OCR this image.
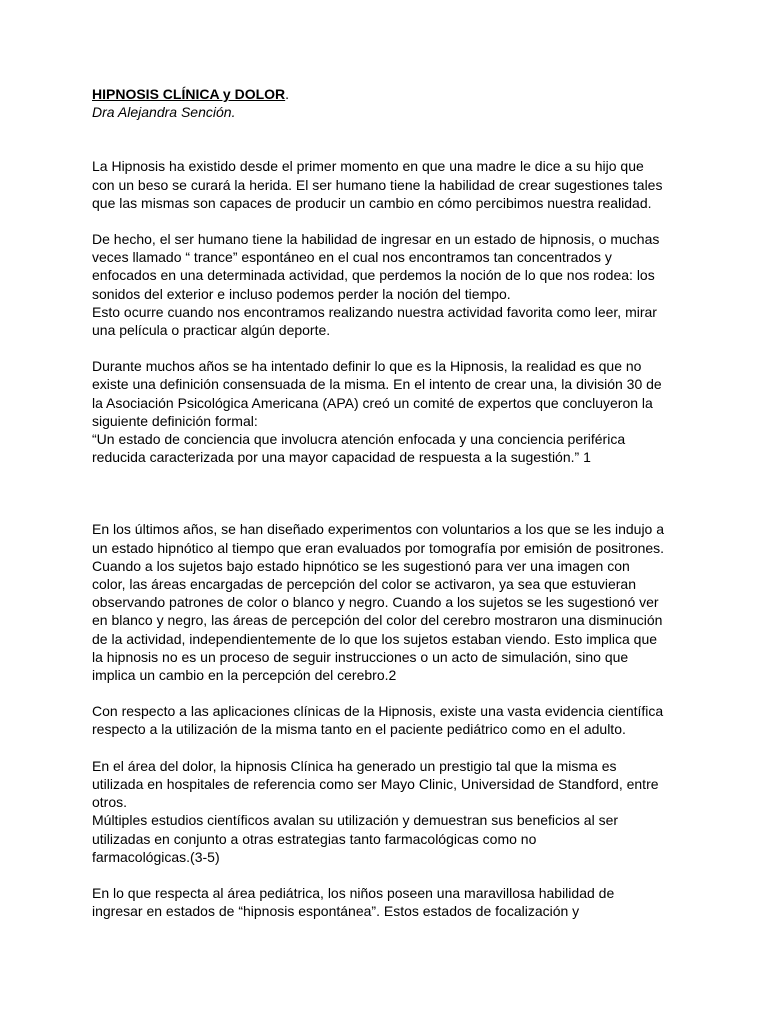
HIPNOSIS CLÍNICA y DOLOR.

Dra Alejandra Sención.

La Hipnosis ha existido desde el primer momento en que una madre le dice a su hijo que
con un beso se curará la herida. El ser humano tiene la habilidad de crear sugestiones tales
que las mismas son capaces de producir un cambio en cómo percibimos nuestra realidad.

De hecho, el ser humano tiene la habilidad de ingresar en un estado de hipnosis, o muchas
veces llamado “ trance” espontáneo en el cual nos encontramos tan concentrados y
enfocados en una determinada actividad, que perdemos la noción de lo que nos rodea: los
sonidos del exterior e incluso podemos perder la noción del tiempo.
Esto ocurre cuando nos encontramos realizando nuestra actividad favorita como leer, mirar
una película o practicar algún deporte.

Durante muchos años se ha intentado definir lo que es la Hipnosis, la realidad es que no
existe una definición consensuada de la misma. En el intento de crear una, la división 30 de
la Asociación Psicológica Americana (APA) creó un comité de expertos que concluyeron la
siguiente definición formal:
“Un estado de conciencia que involucra atención enfocada y una conciencia periférica
reducida caracterizada por una mayor capacidad de respuesta a la sugestión.” 1

En los últimos años, se han diseñado experimentos con voluntarios a los que se les indujo a
un estado hipnótico al tiempo que eran evaluados por tomografía por emisión de positrones.
Cuando a los sujetos bajo estado hipnótico se les sugestionó para ver una imagen con
color, las áreas encargadas de percepción del color se activaron, ya sea que estuvieran
observando patrones de color o blanco y negro. Cuando a los sujetos se les sugestionó ver
en blanco y negro, las áreas de percepción del color del cerebro mostraron una disminución
de la actividad, independientemente de lo que los sujetos estaban viendo. Esto implica que
la hipnosis no es un proceso de seguir instrucciones o un acto de simulación, sino que
implica un cambio en la percepción del cerebro.2

Con respecto a las aplicaciones clínicas de la Hipnosis, existe una vasta evidencia científica
respecto a la utilización de la misma tanto en el paciente pediátrico como en el adulto.

En el área del dolor, la hipnosis Clínica ha generado un prestigio tal que la misma es
utilizada en hospitales de referencia como ser Mayo Clinic, Universidad de Standford, entre
otros.
Múltiples estudios científicos avalan su utilización y demuestran sus beneficios al ser
utilizadas en conjunto a otras estrategias tanto farmacológicas como no
farmacológicas.(3-5)

En lo que respecta al área pediátrica, los niños poseen una maravillosa habilidad de
ingresar en estados de “hipnosis espontánea”. Estos estados de focalización y
